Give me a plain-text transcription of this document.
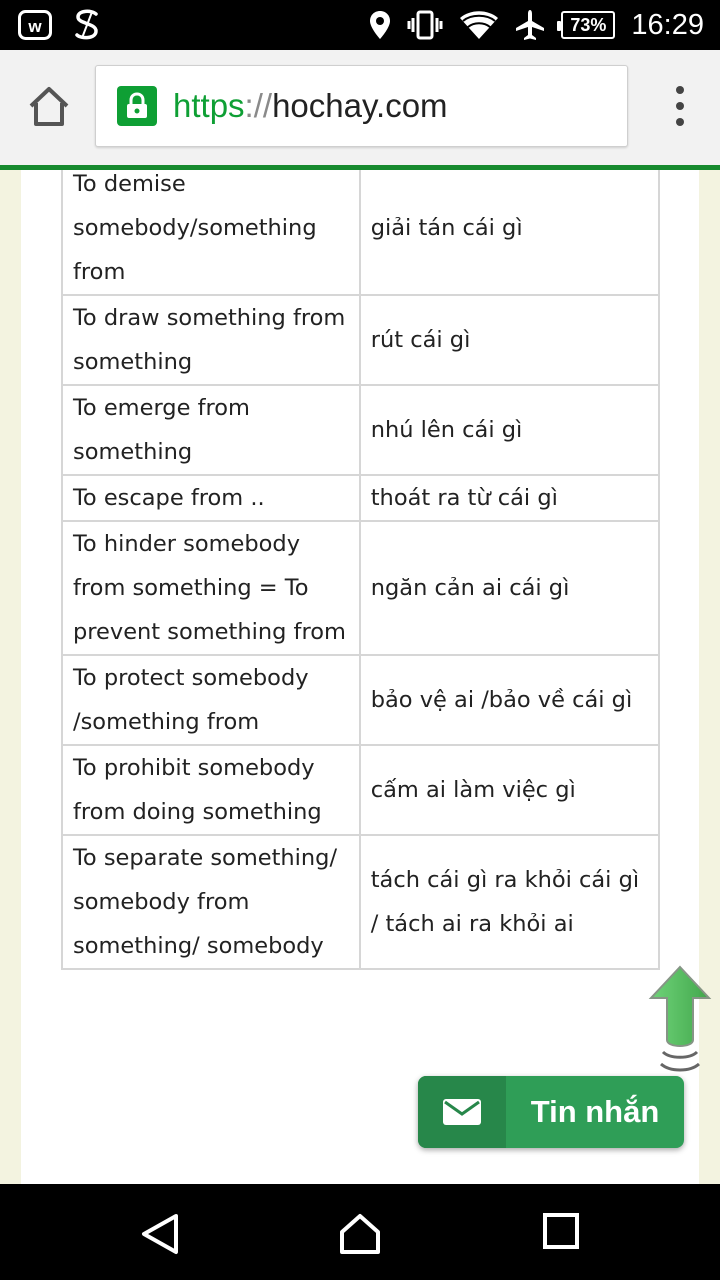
w	73% 16:29
https://hochay.com
To demise somebody/something from	giải tán cái gì
To draw something from something	rút cái gì
To emerge from something	nhú lên cái gì
To escape from ..	thoát ra từ cái gì
To hinder somebody from something = To prevent something from	ngăn cản ai cái gì
To protect somebody /something from	bảo vệ ai /bảo về cái gì
To prohibit somebody from doing something	cấm ai làm việc gì
To separate something/ somebody from something/ somebody	tách cái gì ra khỏi cái gì / tách ai ra khỏi ai
Tin nhắn
